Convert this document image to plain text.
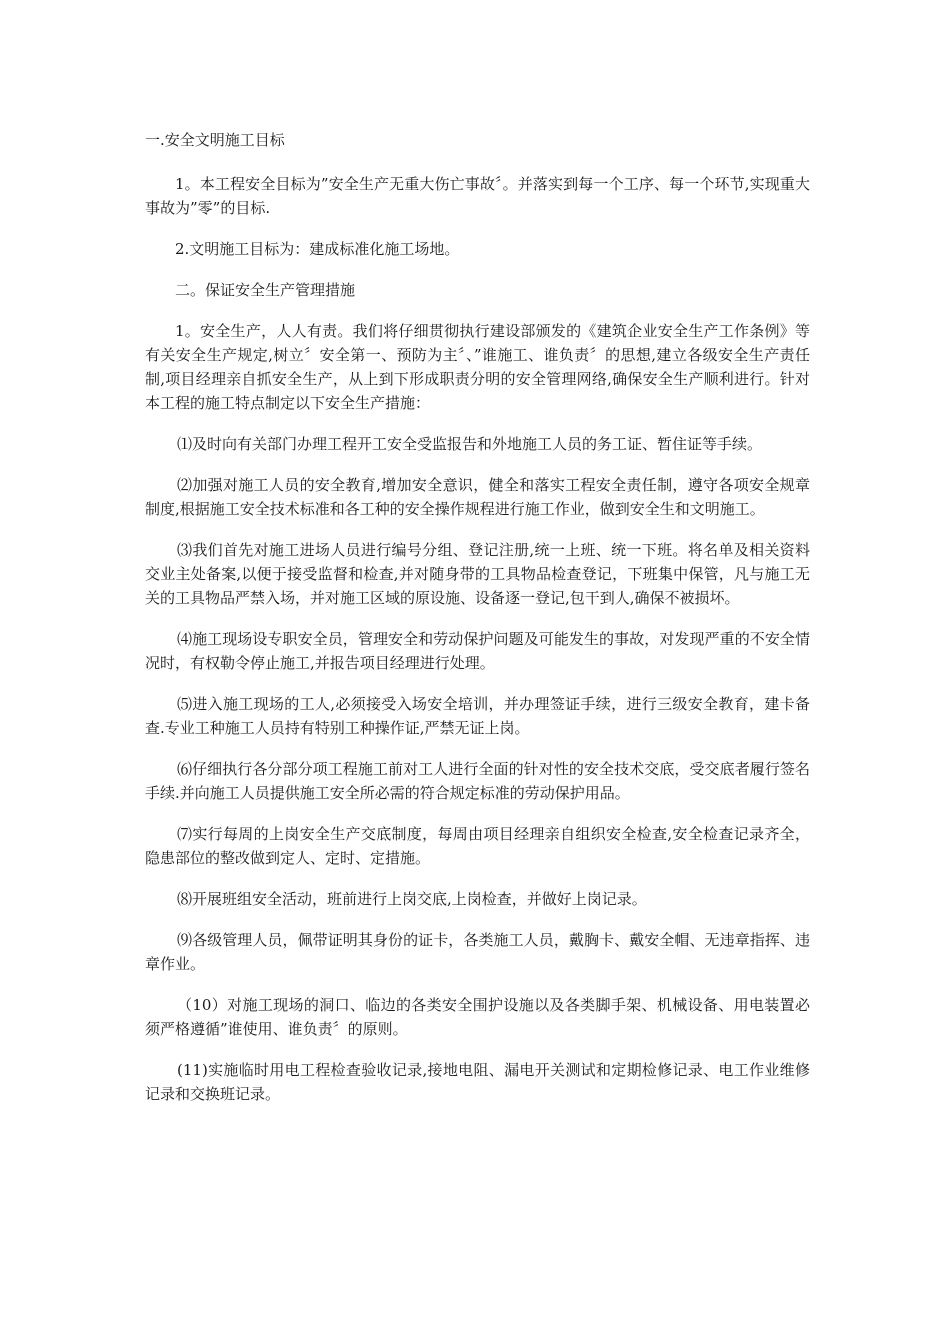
一.安全文明施工目标
1。本工程安全目标为”安全生产无重大伤亡事故〞。并落实到每一个工序、每一个环节,实现重大事故为”零”的目标.
2.文明施工目标为：建成标准化施工场地。
二。保证安全生产管理措施
1。安全生产，人人有责。我们将仔细贯彻执行建设部颁发的《建筑企业安全生产工作条例》等有关安全生产规定,树立〞安全第一、预防为主〞、”谁施工、谁负责〞的思想,建立各级安全生产责任制,项目经理亲自抓安全生产，从上到下形成职责分明的安全管理网络,确保安全生产顺利进行。针对本工程的施工特点制定以下安全生产措施：
⑴及时向有关部门办理工程开工安全受监报告和外地施工人员的务工证、暂住证等手续。
⑵加强对施工人员的安全教育,增加安全意识，健全和落实工程安全责任制，遵守各项安全规章制度,根据施工安全技术标准和各工种的安全操作规程进行施工作业，做到安全生和文明施工。
⑶我们首先对施工进场人员进行编号分组、登记注册,统一上班、统一下班。将名单及相关资料交业主处备案,以便于接受监督和检查,并对随身带的工具物品检查登记，下班集中保管，凡与施工无关的工具物品严禁入场，并对施工区域的原设施、设备逐一登记,包干到人,确保不被损坏。
⑷施工现场设专职安全员，管理安全和劳动保护问题及可能发生的事故，对发现严重的不安全情况时，有权勒令停止施工,并报告项目经理进行处理。
⑸进入施工现场的工人,必须接受入场安全培训，并办理签证手续，进行三级安全教育，建卡备查.专业工种施工人员持有特别工种操作证,严禁无证上岗。
⑹仔细执行各分部分项工程施工前对工人进行全面的针对性的安全技术交底，受交底者履行签名手续.并向施工人员提供施工安全所必需的符合规定标准的劳动保护用品。
⑺实行每周的上岗安全生产交底制度，每周由项目经理亲自组织安全检查,安全检查记录齐全，隐患部位的整改做到定人、定时、定措施。
⑻开展班组安全活动，班前进行上岗交底,上岗检查，并做好上岗记录。
⑼各级管理人员，佩带证明其身份的证卡，各类施工人员，戴胸卡、戴安全帽、无违章指挥、违章作业。
（10）对施工现场的洞口、临边的各类安全围护设施以及各类脚手架、机械设备、用电装置必须严格遵循”谁使用、谁负责〞的原则。
(11)实施临时用电工程检查验收记录,接地电阻、漏电开关测试和定期检修记录、电工作业维修记录和交换班记录。
